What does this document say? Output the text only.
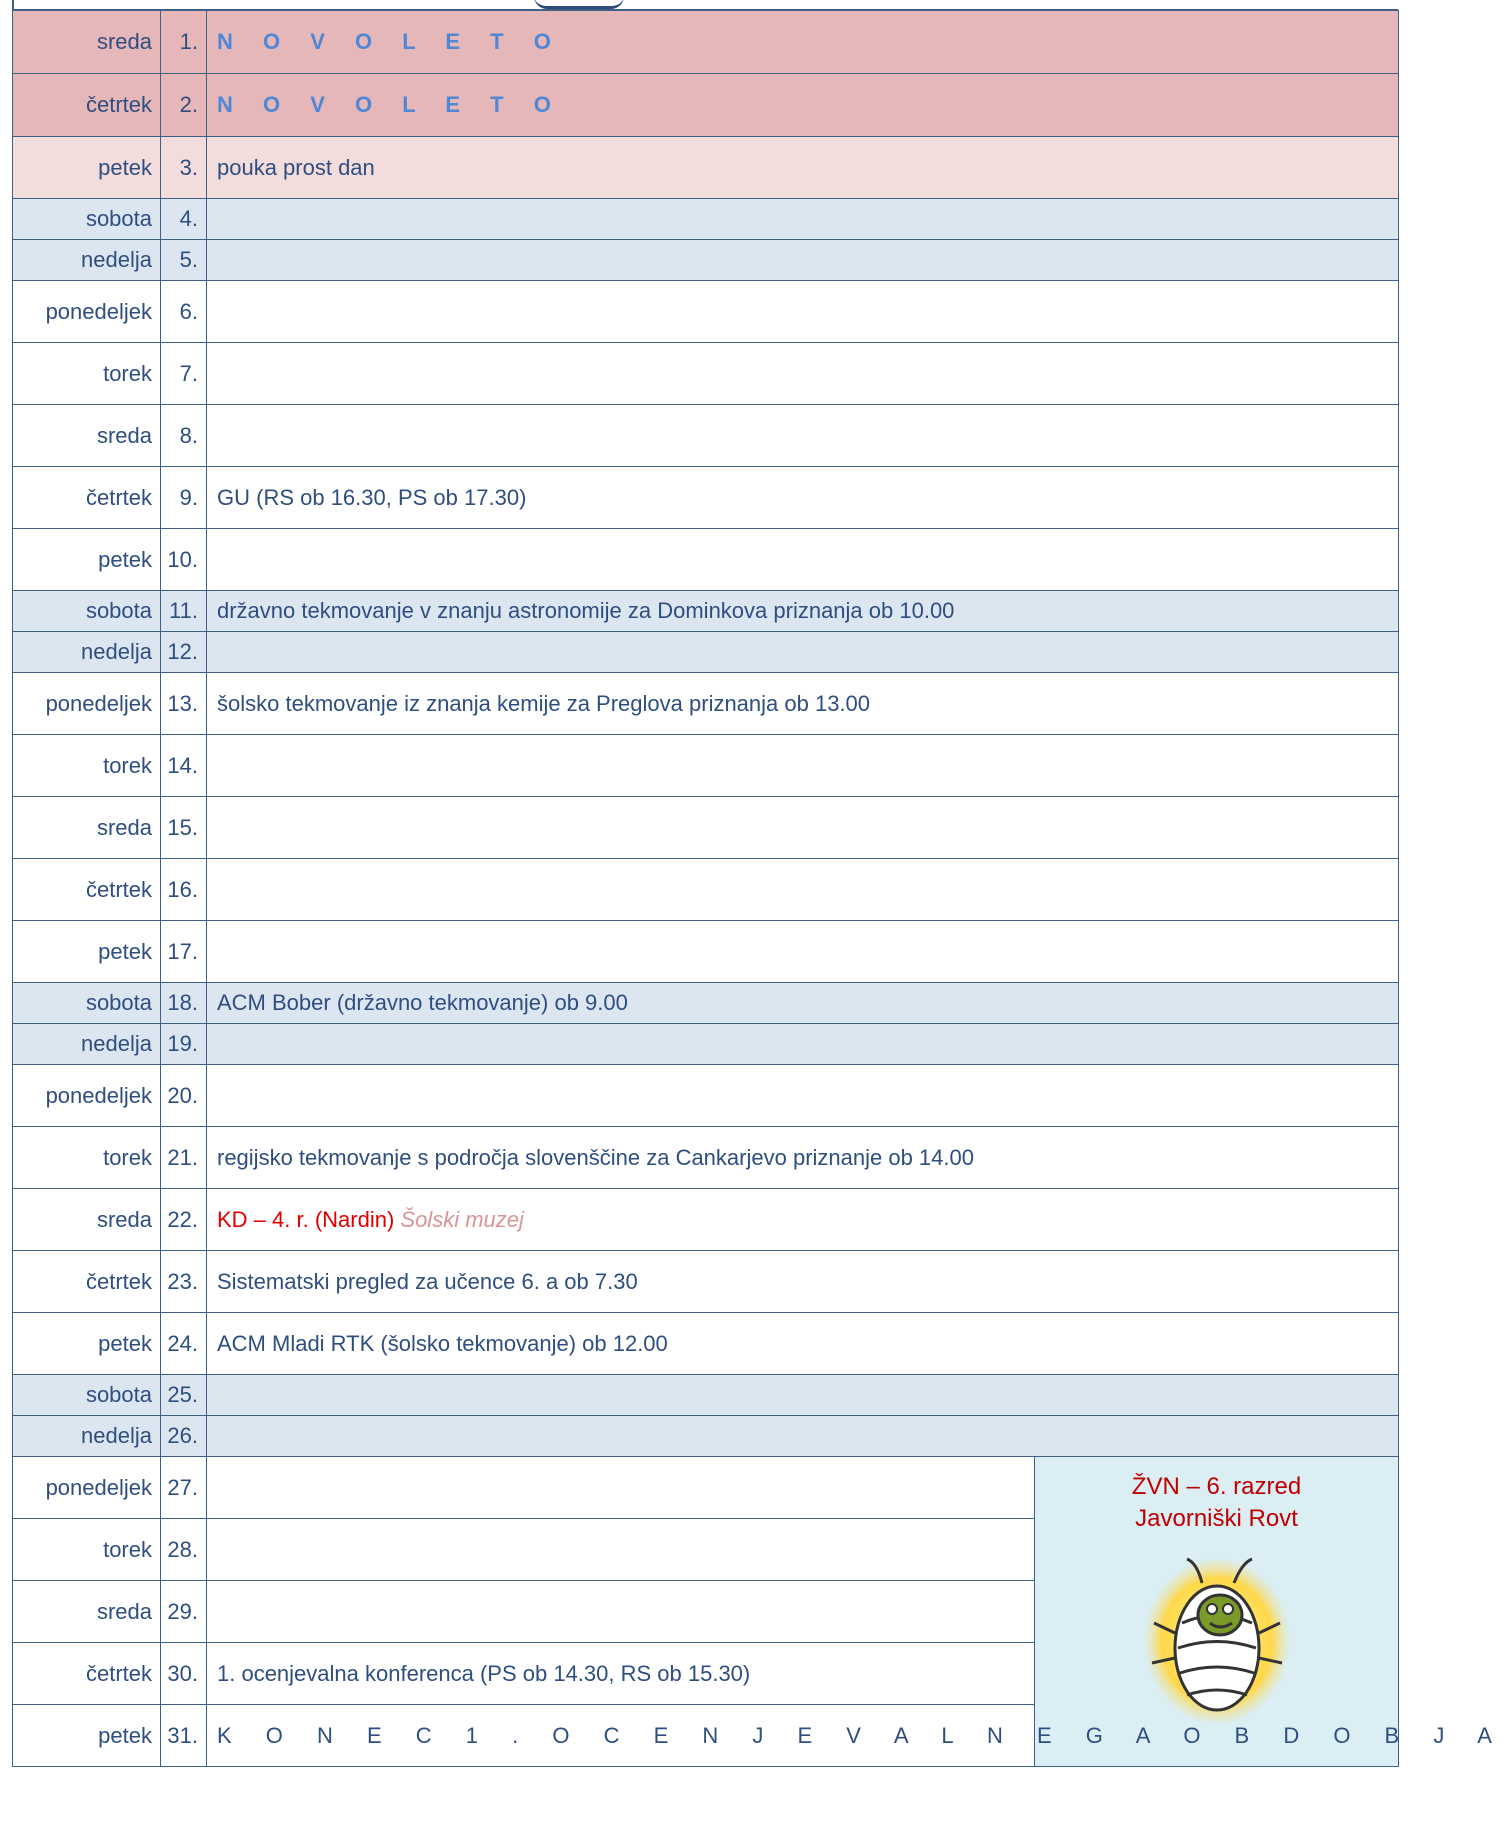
sreda	1.	N O V O L E T O	
četrtek	2.	N O V O L E T O	
petek	3.	pouka prost dan	
sobota	4.		
nedelja	5.		
ponedeljek	6.		
torek	7.		
sreda	8.		
četrtek	9.	GU (RS ob 16.30, PS ob 17.30)	
petek	10.		
sobota	11.	državno tekmovanje v znanju astronomije za Dominkova priznanja ob 10.00	
nedelja	12.		
ponedeljek	13.	šolsko tekmovanje iz znanja kemije za Preglova priznanja ob 13.00	
torek	14.		
sreda	15.		
četrtek	16.		
petek	17.		
sobota	18.	ACM Bober (državno tekmovanje) ob 9.00	
nedelja	19.		
ponedeljek	20.		
torek	21.	regijsko tekmovanje s področja slovenščine za Cankarjevo priznanje ob 14.00	
sreda	22.	KD – 4. r. (Nardin) Šolski muzej	
četrtek	23.	Sistematski pregled za učence 6. a ob 7.30	
petek	24.	ACM Mladi RTK (šolsko tekmovanje) ob 12.00	
sobota	25.		
nedelja	26.		
ponedeljek	27.		ŽVN – 6. razred
Javorniški Rovt

torek	28.		
sreda	29.		
četrtek	30.	1. ocenjevalna konferenca (PS ob 14.30, RS ob 15.30)	
petek	31.	K O N E C 1 . O C E N J E V A L N E G A O B D O B J A	
